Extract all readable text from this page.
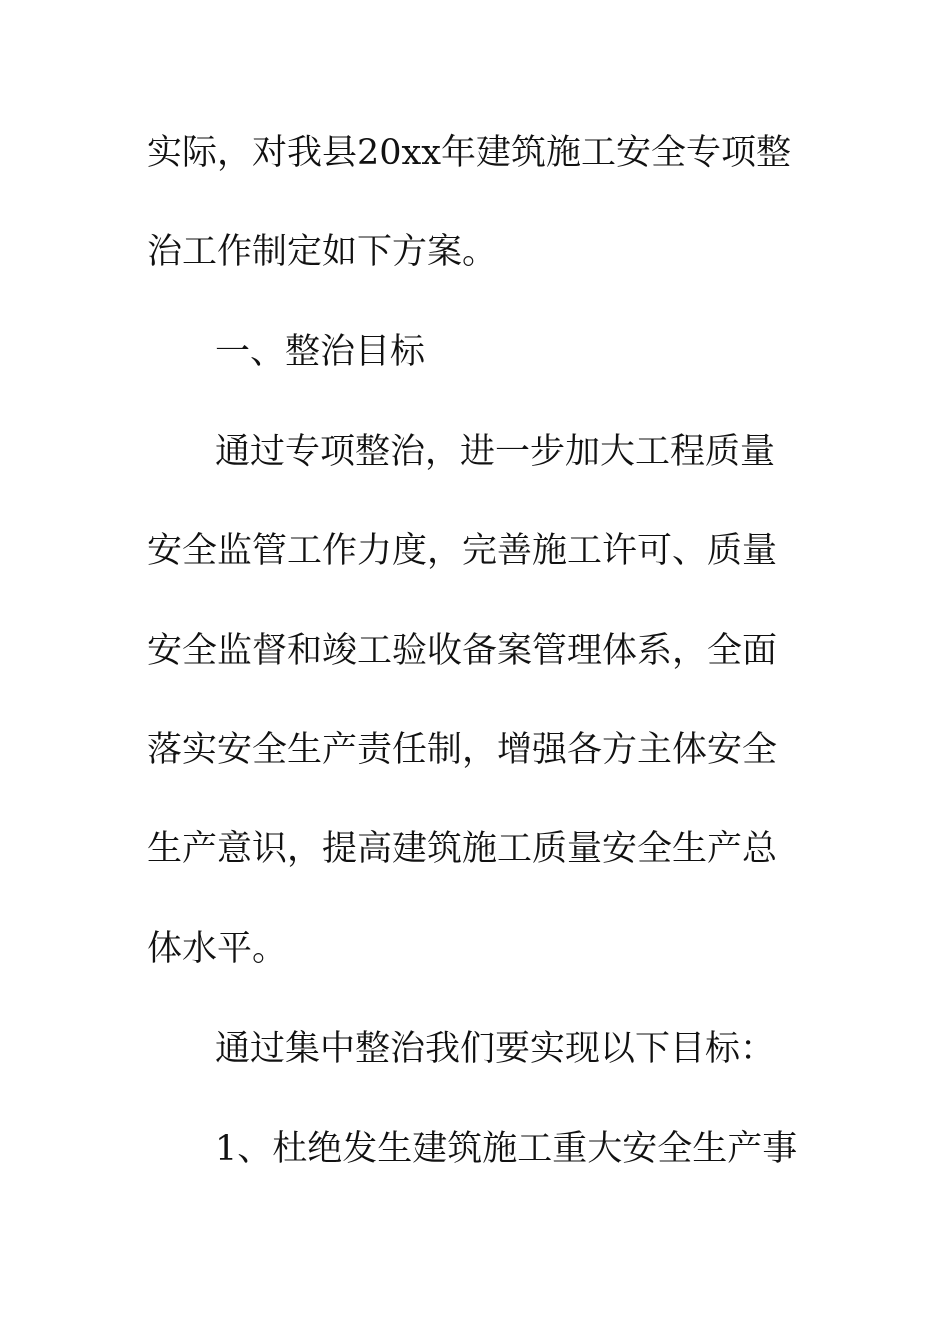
实际，对我县20xx年建筑施工安全专项整
治工作制定如下方案。
一、整治目标
通过专项整治，进一步加大工程质量
安全监管工作力度，完善施工许可、质量
安全监督和竣工验收备案管理体系，全面
落实安全生产责任制，增强各方主体安全
生产意识，提高建筑施工质量安全生产总
体水平。
通过集中整治我们要实现以下目标：
1、杜绝发生建筑施工重大安全生产事
